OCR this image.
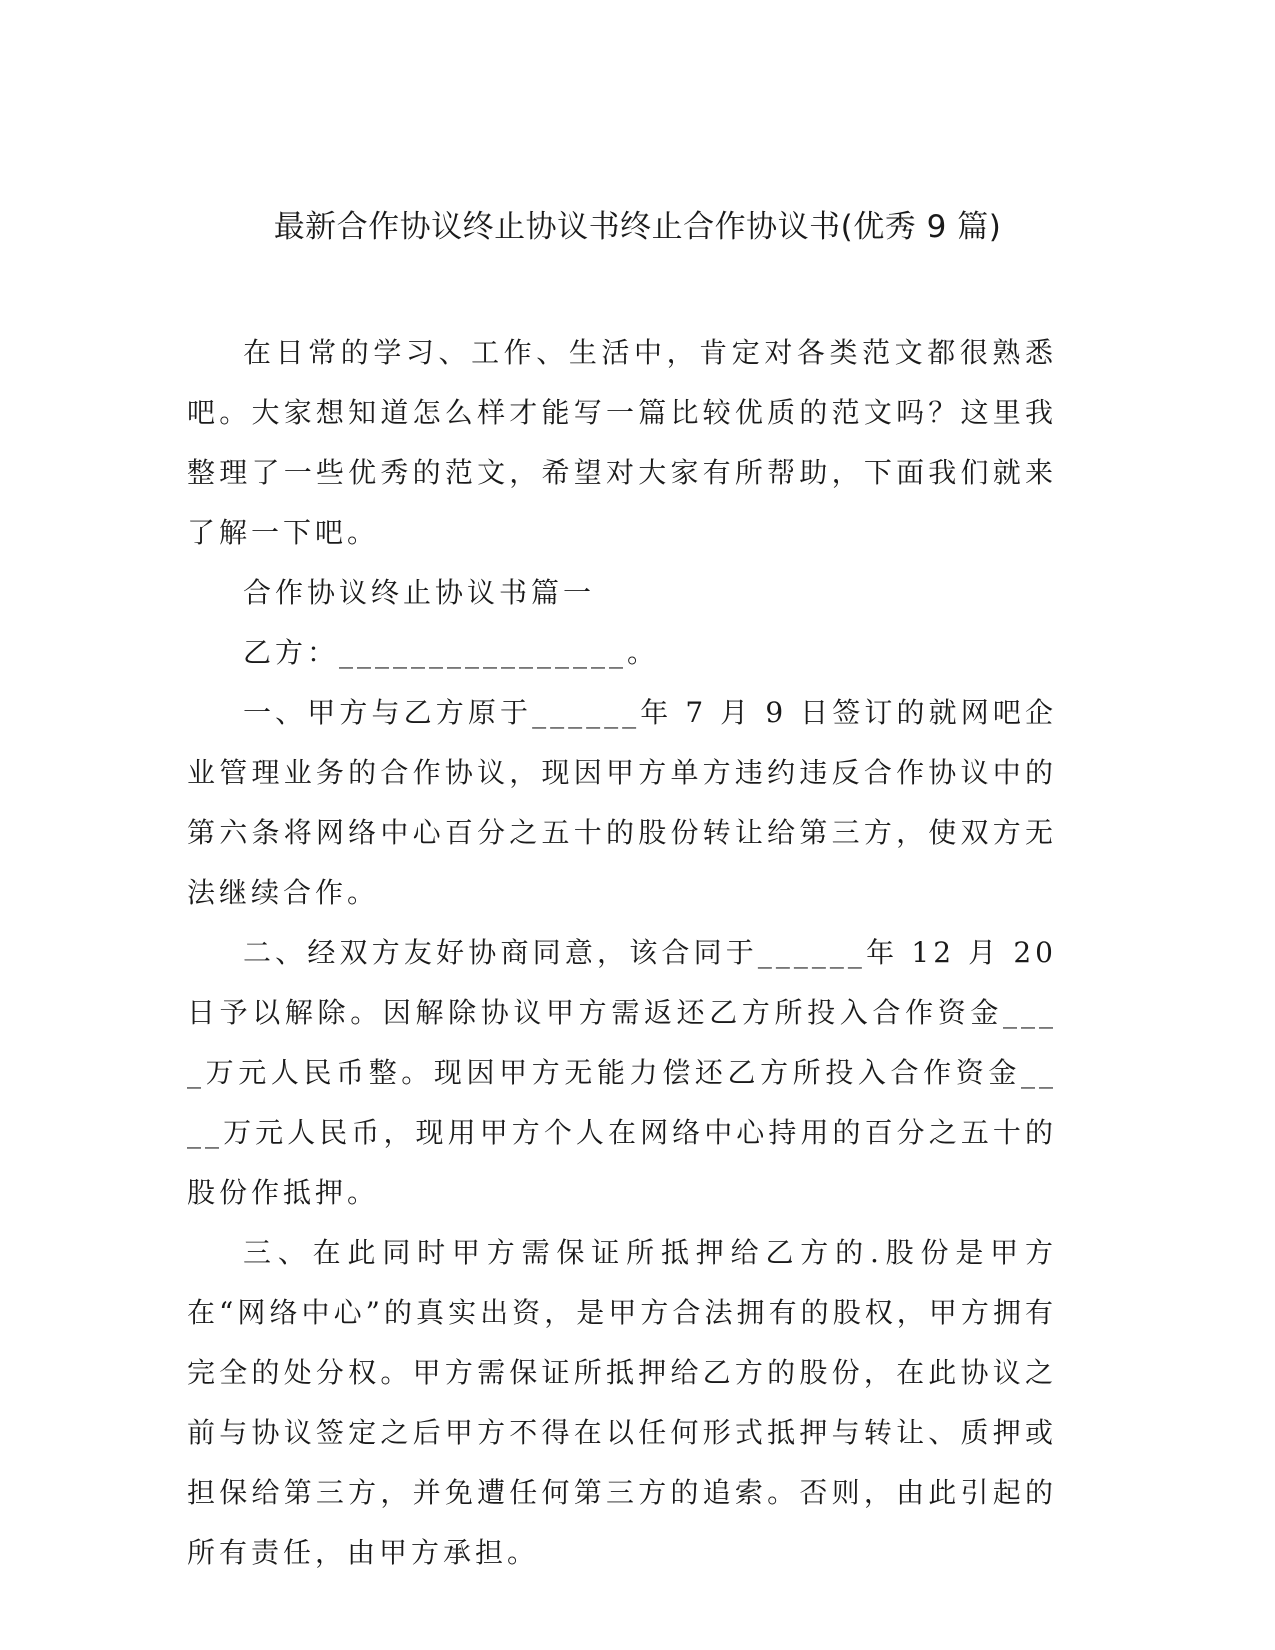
最新合作协议终止协议书终止合作协议书(优秀 9 篇)

在日常的学习、工作、生活中，肯定对各类范文都很熟悉吧。大家想知道怎么样才能写一篇比较优质的范文吗？这里我整理了一些优秀的范文，希望对大家有所帮助，下面我们就来了解一下吧。

合作协议终止协议书篇一

乙方：________________。

一、甲方与乙方原于______年 7 月 9 日签订的就网吧企业管理业务的合作协议，现因甲方单方违约违反合作协议中的第六条将网络中心百分之五十的股份转让给第三方，使双方无法继续合作。

二、经双方友好协商同意，该合同于______年 12 月 20 日予以解除。因解除协议甲方需返还乙方所投入合作资金____万元人民币整。现因甲方无能力偿还乙方所投入合作资金____万元人民币，现用甲方个人在网络中心持用的百分之五十的股份作抵押。

三、在此同时甲方需保证所抵押给乙方的.股份是甲方在“网络中心”的真实出资，是甲方合法拥有的股权，甲方拥有完全的处分权。甲方需保证所抵押给乙方的股份，在此协议之前与协议签定之后甲方不得在以任何形式抵押与转让、质押或担保给第三方，并免遭任何第三方的追索。否则，由此引起的所有责任，由甲方承担。
